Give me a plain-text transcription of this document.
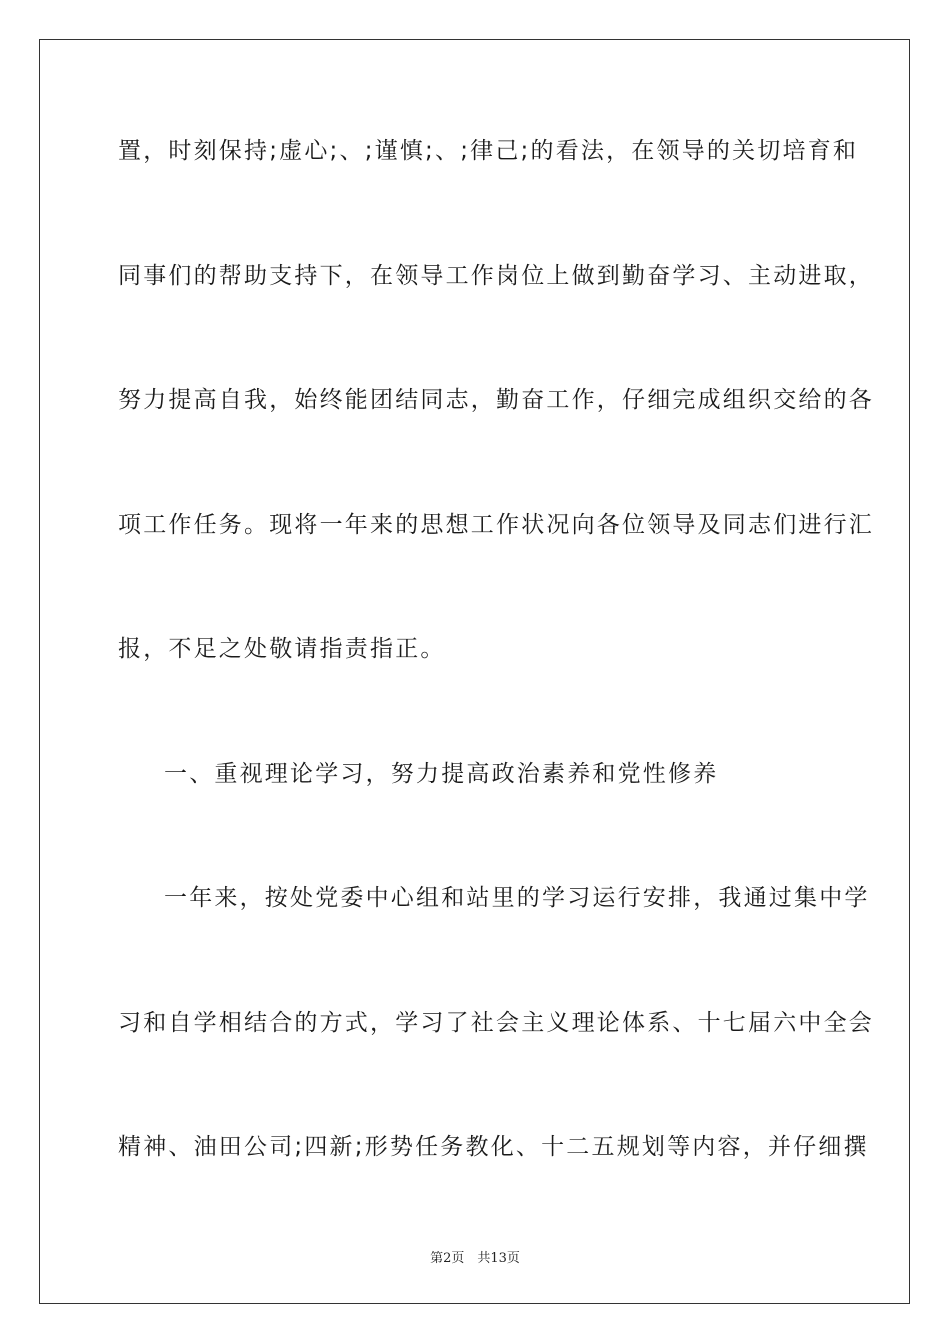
置，时刻保持;虚心;、;谨慎;、;律己;的看法，在领导的关切培育和
同事们的帮助支持下，在领导工作岗位上做到勤奋学习、主动进取，
努力提高自我，始终能团结同志，勤奋工作，仔细完成组织交给的各
项工作任务。现将一年来的思想工作状况向各位领导及同志们进行汇
报，不足之处敬请指责指正。
一、重视理论学习，努力提高政治素养和党性修养
一年来，按处党委中心组和站里的学习运行安排，我通过集中学
习和自学相结合的方式，学习了社会主义理论体系、十七届六中全会
精神、油田公司;四新;形势任务教化、十二五规划等内容，并仔细撰
第2页　共13页
